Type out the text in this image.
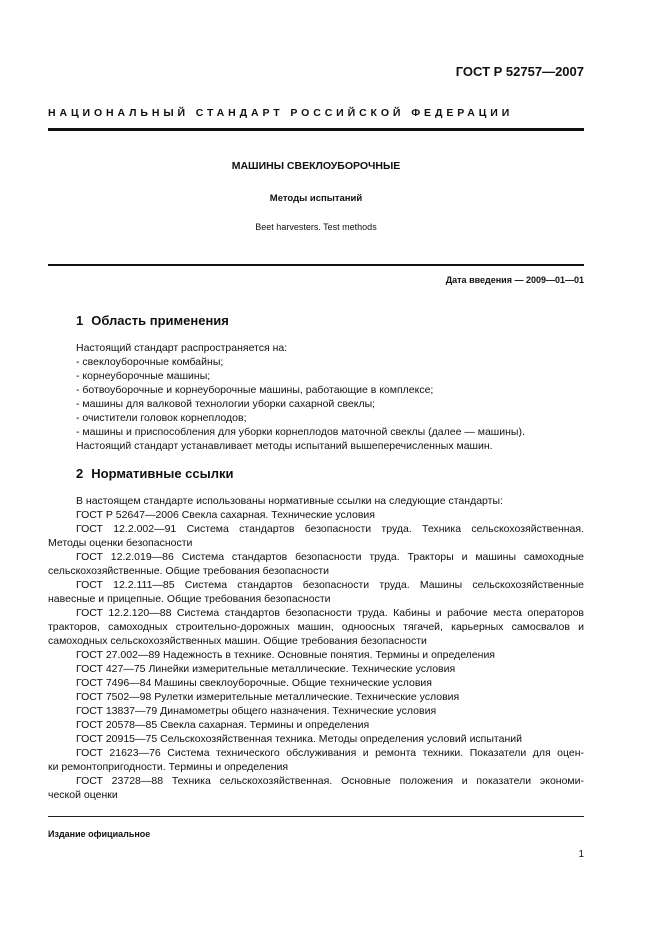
ГОСТ Р 52757—2007
НАЦИОНАЛЬНЫЙ СТАНДАРТ РОССИЙСКОЙ ФЕДЕРАЦИИ
МАШИНЫ СВЕКЛОУБОРОЧНЫЕ
Методы испытаний
Beet harvesters. Test methods
Дата введения — 2009—01—01
1 Область применения
Настоящий стандарт распространяется на:
- свеклоуборочные комбайны;
- корнеуборочные машины;
- ботвоуборочные и корнеуборочные машины, работающие в комплексе;
- машины для валковой технологии уборки сахарной свеклы;
- очистители головок корнеплодов;
- машины и приспособления для уборки корнеплодов маточной свеклы (далее — машины).
Настоящий стандарт устанавливает методы испытаний вышеперечисленных машин.
2 Нормативные ссылки
В настоящем стандарте использованы нормативные ссылки на следующие стандарты:
ГОСТ Р 52647—2006 Свекла сахарная. Технические условия
ГОСТ 12.2.002—91 Система стандартов безопасности труда. Техника сельскохозяйственная.
Методы оценки безопасности
ГОСТ 12.2.019—86 Система стандартов безопасности труда. Тракторы и машины самоходные
сельскохозяйственные. Общие требования безопасности
ГОСТ 12.2.111—85 Система стандартов безопасности труда. Машины сельскохозяйственные
навесные и прицепные. Общие требования безопасности
ГОСТ 12.2.120—88 Система стандартов безопасности труда. Кабины и рабочие места операторов
тракторов, самоходных строительно-дорожных машин, одноосных тягачей, карьерных самосвалов и
самоходных сельскохозяйственных машин. Общие требования безопасности
ГОСТ 27.002—89 Надежность в технике. Основные понятия. Термины и определения
ГОСТ 427—75 Линейки измерительные металлические. Технические условия
ГОСТ 7496—84 Машины свеклоуборочные. Общие технические условия
ГОСТ 7502—98 Рулетки измерительные металлические. Технические условия
ГОСТ 13837—79 Динамометры общего назначения. Технические условия
ГОСТ 20578—85 Свекла сахарная. Термины и определения
ГОСТ 20915—75 Сельскохозяйственная техника. Методы определения условий испытаний
ГОСТ 21623—76 Система технического обслуживания и ремонта техники. Показатели для оцен-
ки ремонтопригодности. Термины и определения
ГОСТ 23728—88 Техника сельскохозяйственная. Основные положения и показатели экономи-
ческой оценки
Издание официальное
1
